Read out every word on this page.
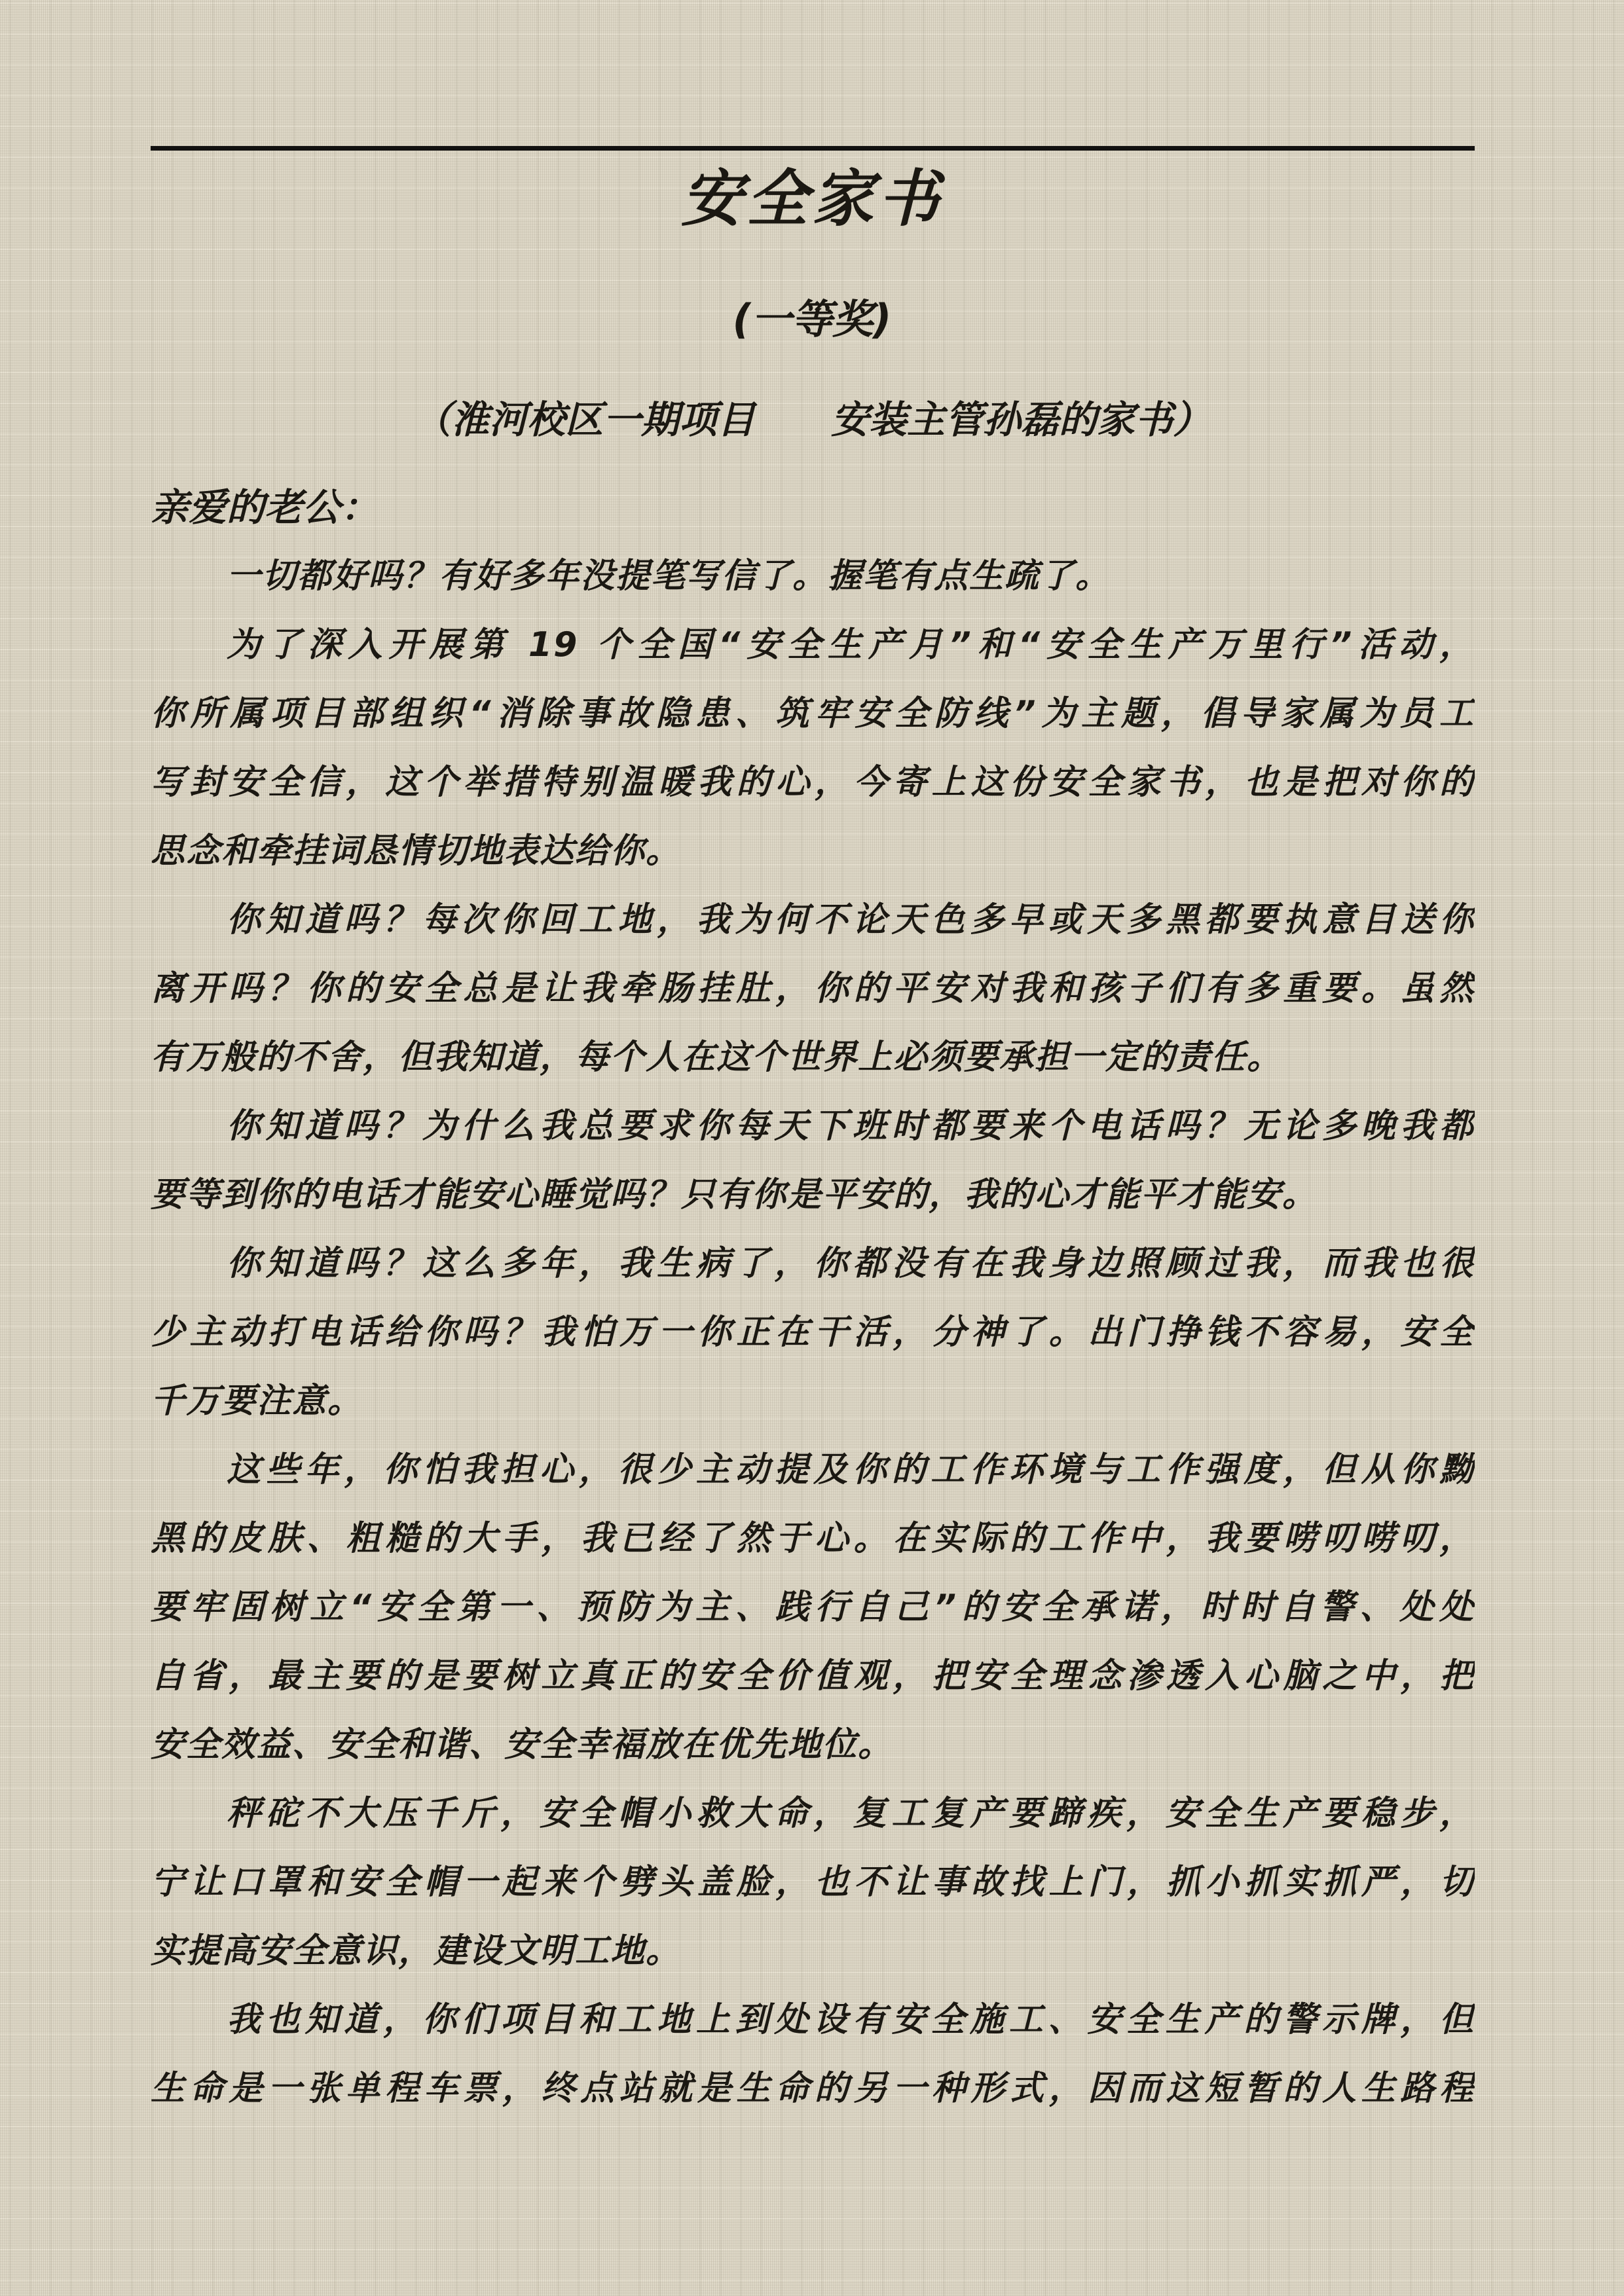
安全家书
(一等奖)
（淮河校区一期项目　　安装主管孙磊的家书）
亲爱的老公：
一切都好吗？有好多年没提笔写信了。握笔有点生疏了。
为了深入开展第 19 个全国“安全生产月”和“安全生产万里行”活动，
你所属项目部组织“消除事故隐患、筑牢安全防线”为主题，倡导家属为员工
写封安全信，这个举措特别温暖我的心，今寄上这份安全家书，也是把对你的
思念和牵挂词恳情切地表达给你。
你知道吗？每次你回工地，我为何不论天色多早或天多黑都要执意目送你
离开吗？你的安全总是让我牵肠挂肚，你的平安对我和孩子们有多重要。虽然
有万般的不舍，但我知道，每个人在这个世界上必须要承担一定的责任。
你知道吗？为什么我总要求你每天下班时都要来个电话吗？无论多晚我都
要等到你的电话才能安心睡觉吗？只有你是平安的，我的心才能平才能安。
你知道吗？这么多年，我生病了，你都没有在我身边照顾过我，而我也很
少主动打电话给你吗？我怕万一你正在干活，分神了。出门挣钱不容易，安全
千万要注意。
这些年，你怕我担心，很少主动提及你的工作环境与工作强度，但从你黝
黑的皮肤、粗糙的大手，我已经了然于心。在实际的工作中，我要唠叨唠叨，
要牢固树立“安全第一、预防为主、践行自己”的安全承诺，时时自警、处处
自省，最主要的是要树立真正的安全价值观，把安全理念渗透入心脑之中，把
安全效益、安全和谐、安全幸福放在优先地位。
秤砣不大压千斤，安全帽小救大命，复工复产要蹄疾，安全生产要稳步，
宁让口罩和安全帽一起来个劈头盖脸，也不让事故找上门，抓小抓实抓严，切
实提高安全意识，建设文明工地。
我也知道，你们项目和工地上到处设有安全施工、安全生产的警示牌，但
生命是一张单程车票，终点站就是生命的另一种形式，因而这短暂的人生路程
